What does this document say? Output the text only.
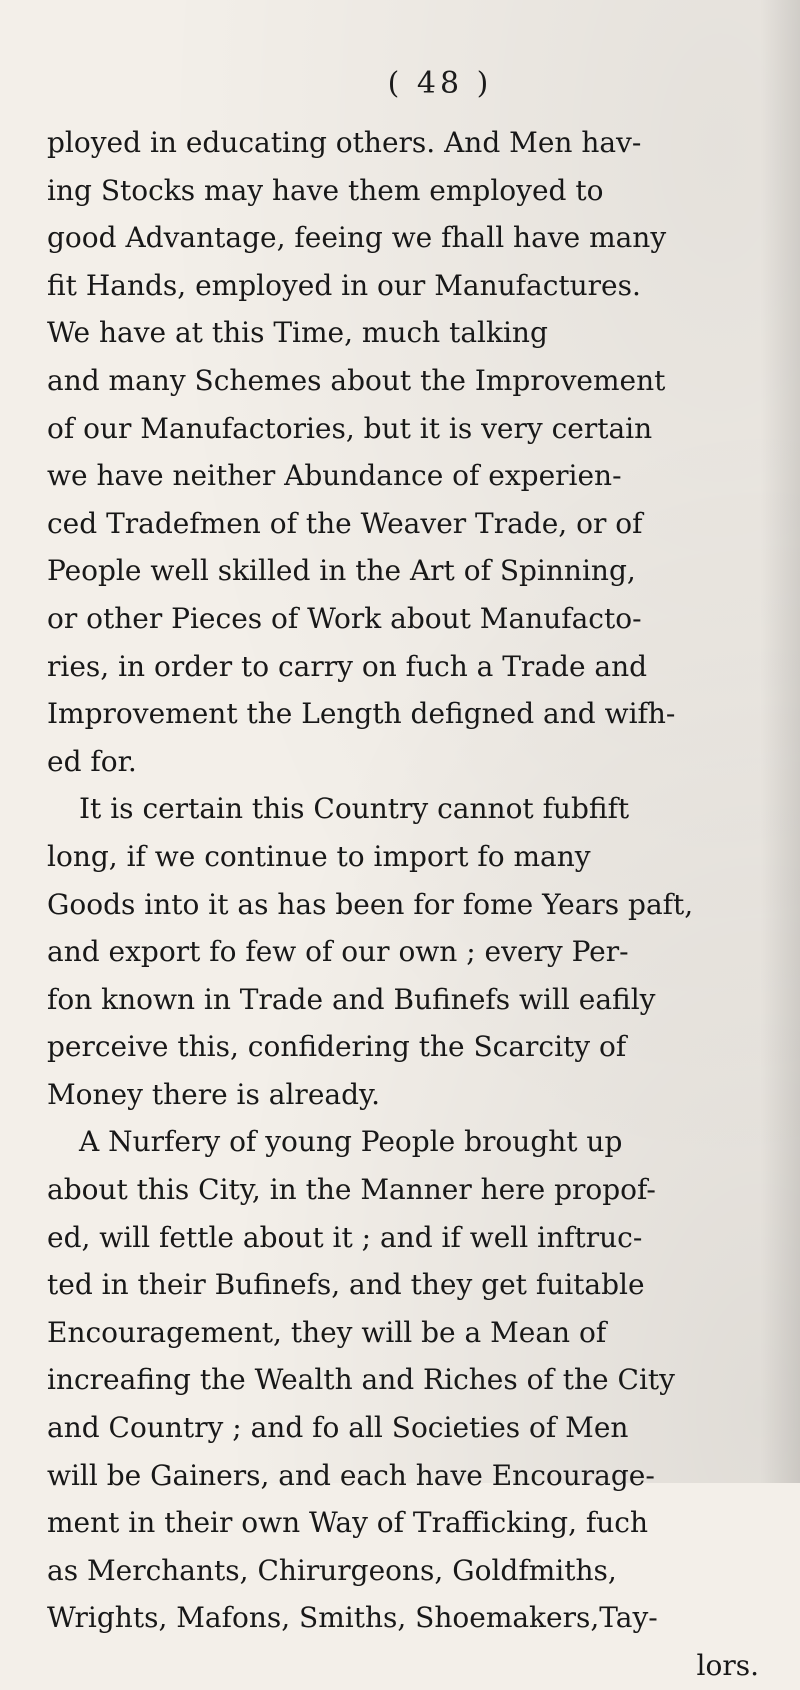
( 48 )
ployed in educating others. And Men hav-
ing Stocks may have them employed to
good Advantage, feeing we fhall have many
fit Hands, employed in our Manufactures.
We have at this Time, much talking
and many Schemes about the Improvement
of our Manufactories, but it is very certain
we have neither Abundance of experien-
ced Tradefmen of the Weaver Trade, or of
People well skilled in the Art of Spinning,
or other Pieces of Work about Manufacto-
ries, in order to carry on fuch a Trade and
Improvement the Length defigned and wifh-
ed for.
It is certain this Country cannot fubfift
long, if we continue to import fo many
Goods into it as has been for fome Years paft,
and export fo few of our own ; every Per-
fon known in Trade and Bufinefs will eafily
perceive this, confidering the Scarcity of
Money there is already.
A Nurfery of young People brought up
about this City, in the Manner here propof-
ed, will fettle about it ; and if well inftruc-
ted in their Bufinefs, and they get fuitable
Encouragement, they will be a Mean of
increafing the Wealth and Riches of the City
and Country ; and fo all Societies of Men
will be Gainers, and each have Encourage-
ment in their own Way of Trafficking, fuch
as Merchants, Chirurgeons, Goldfmiths,
Wrights, Mafons, Smiths, Shoemakers,Tay-
lors.
